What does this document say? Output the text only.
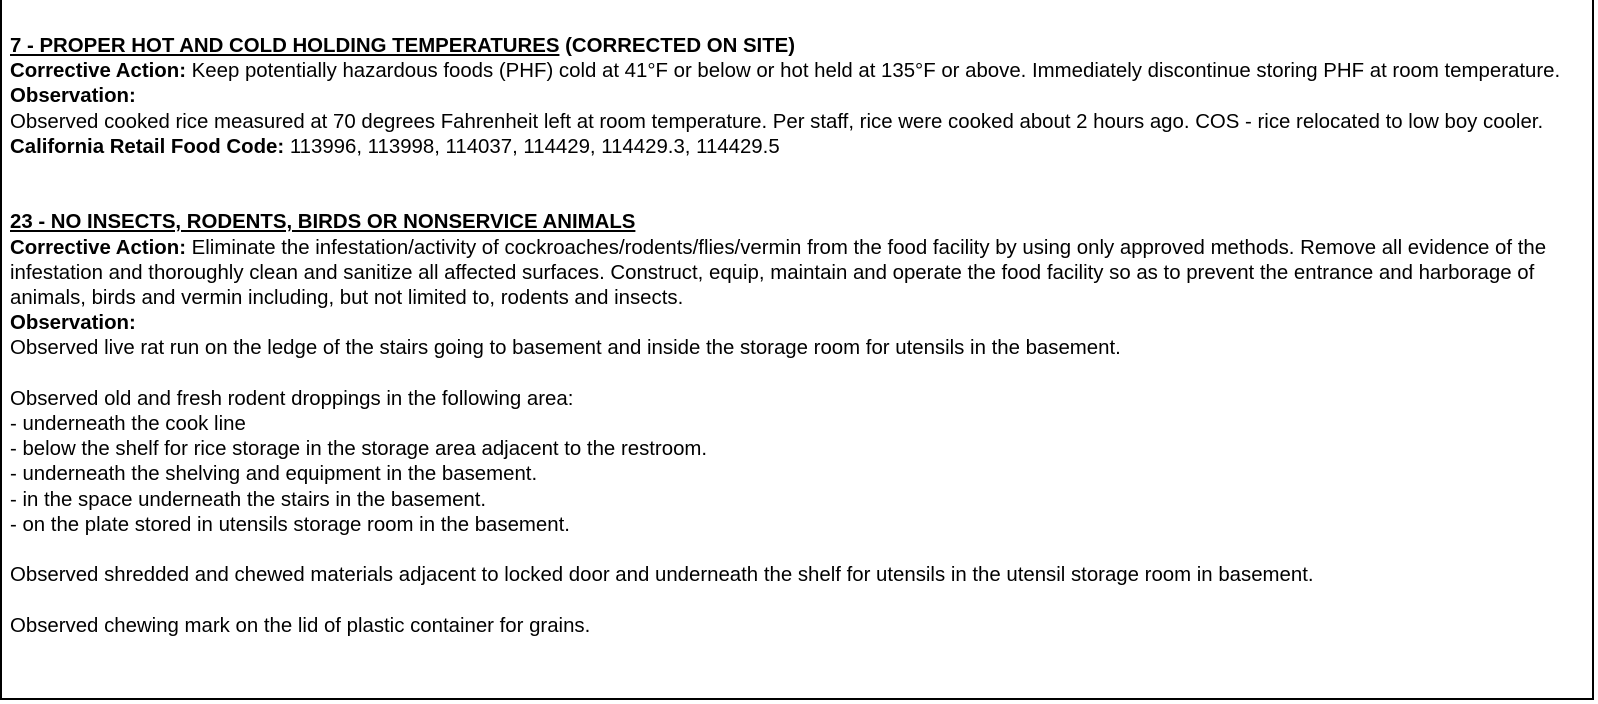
7 - PROPER HOT AND COLD HOLDING TEMPERATURES (CORRECTED ON SITE)
Corrective Action: Keep potentially hazardous foods (PHF) cold at 41°F or below or hot held at 135°F or above. Immediately discontinue storing PHF at room temperature.
Observation:
Observed cooked rice measured at 70 degrees Fahrenheit left at room temperature. Per staff, rice were cooked about 2 hours ago. COS - rice relocated to low boy cooler.
California Retail Food Code: 113996, 113998, 114037, 114429, 114429.3, 114429.5
23 - NO INSECTS, RODENTS, BIRDS OR NONSERVICE ANIMALS
Corrective Action: Eliminate the infestation/activity of cockroaches/rodents/flies/vermin from the food facility by using only approved methods. Remove all evidence of the infestation and thoroughly clean and sanitize all affected surfaces. Construct, equip, maintain and operate the food facility so as to prevent the entrance and harborage of animals, birds and vermin including, but not limited to, rodents and insects.
Observation:
Observed live rat run on the ledge of the stairs going to basement and inside the storage room for utensils in the basement.
Observed old and fresh rodent droppings in the following area:
- underneath the cook line
- below the shelf for rice storage in the storage area adjacent to the restroom.
- underneath the shelving and equipment in the basement.
- in the space underneath the stairs in the basement.
- on the plate stored in utensils storage room in the basement.
Observed shredded and chewed materials adjacent to locked door and underneath the shelf for utensils in the utensil storage room in basement.
Observed chewing mark on the lid of plastic container for grains.
